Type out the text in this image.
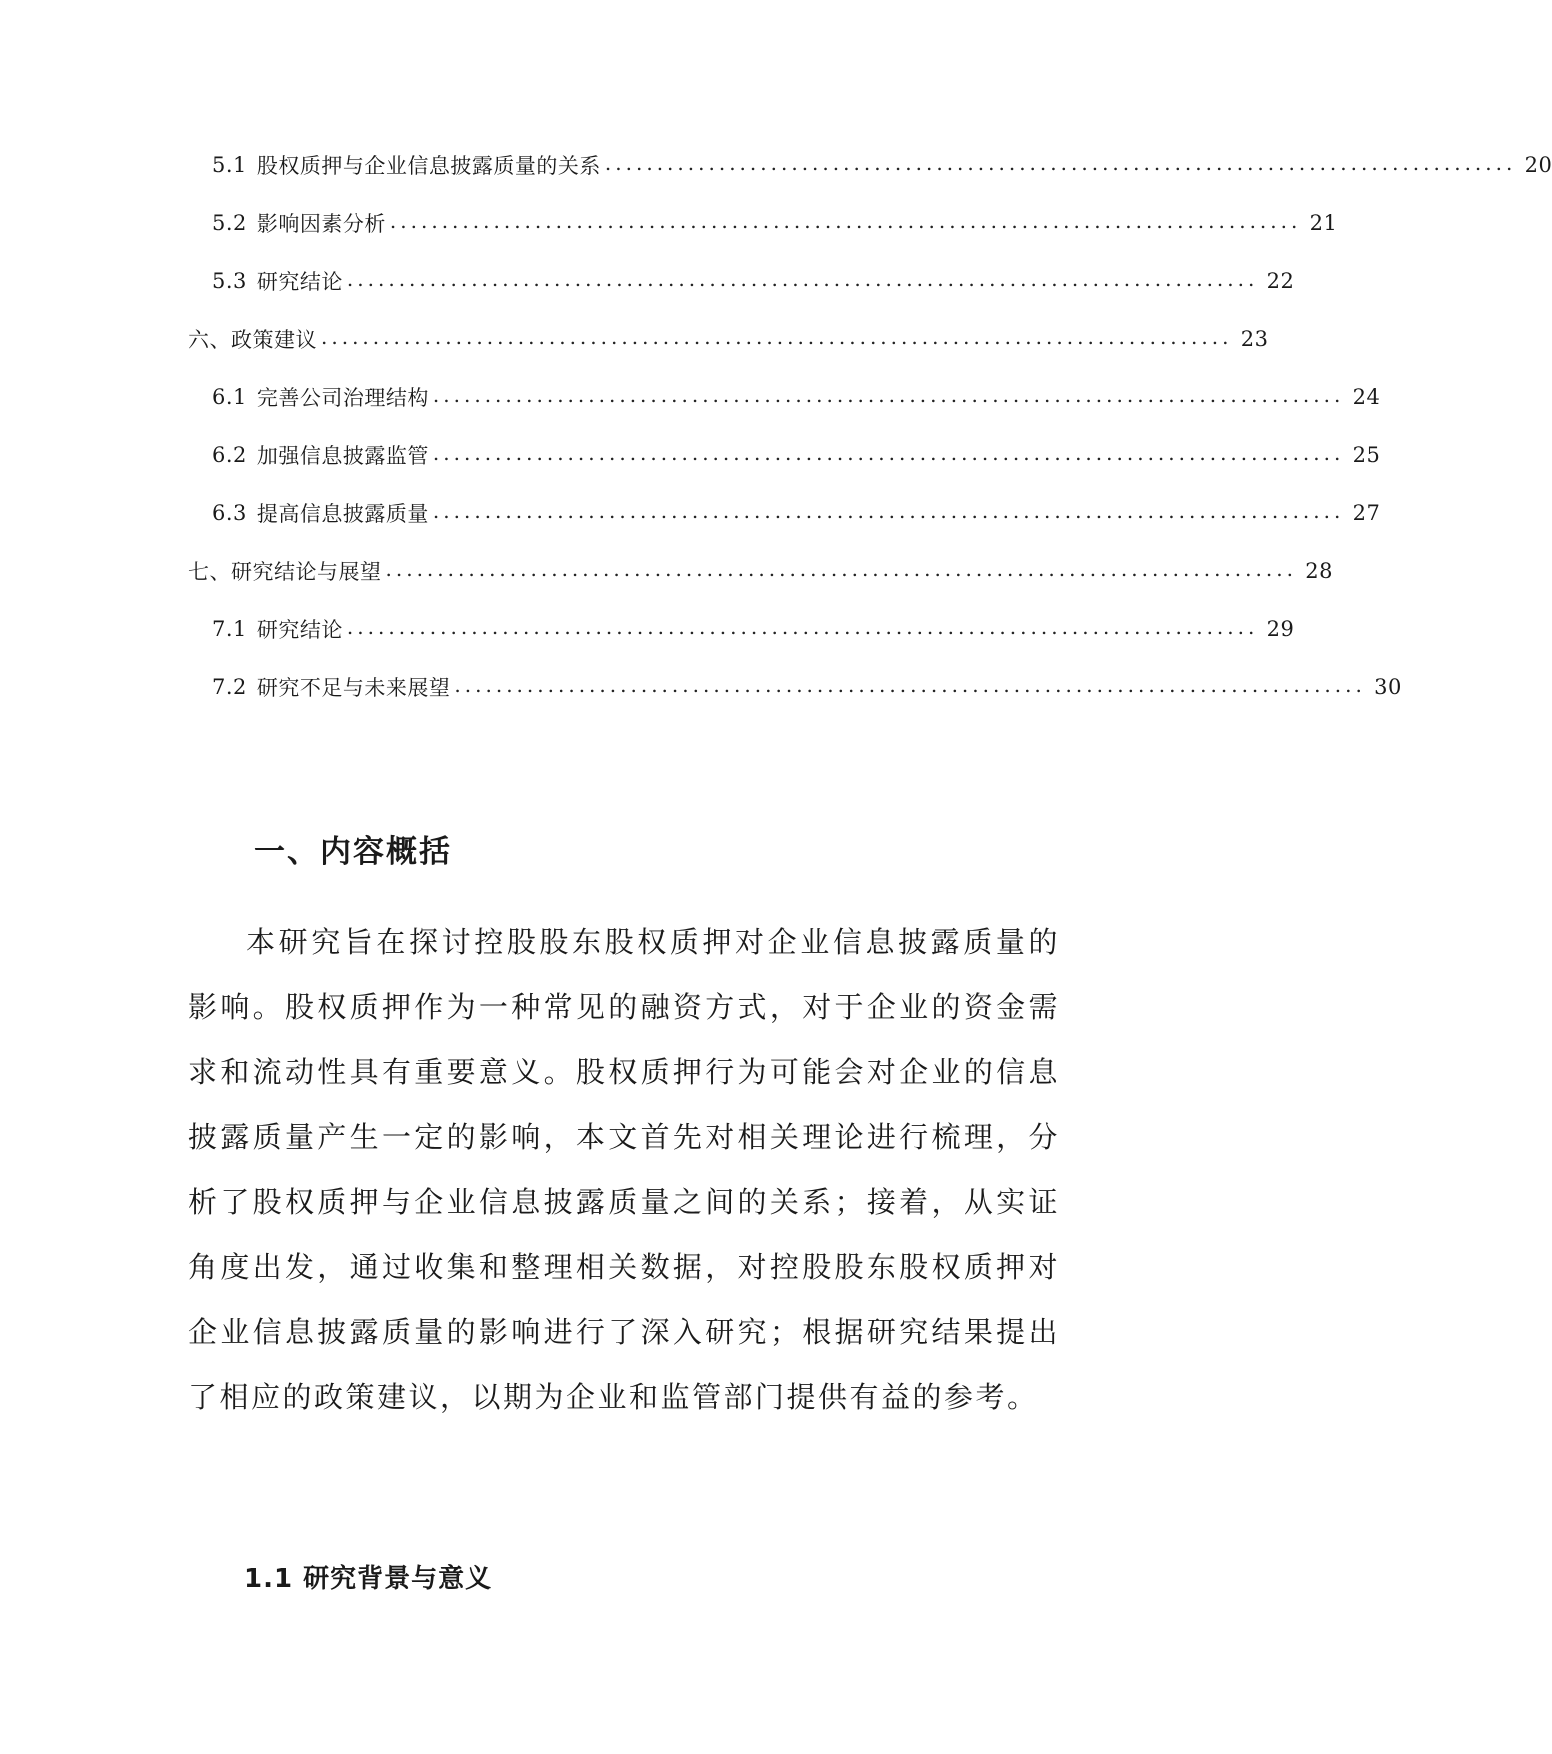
5.1 股权质押与企业信息披露质量的关系 ........................................................................................ 20
5.2 影响因素分析 ........................................................................................ 21
5.3 研究结论 ........................................................................................ 22
六、政策建议 ........................................................................................ 23
6.1 完善公司治理结构 ........................................................................................ 24
6.2 加强信息披露监管 ........................................................................................ 25
6.3 提高信息披露质量 ........................................................................................ 27
七、研究结论与展望 ........................................................................................ 28
7.1 研究结论 ........................................................................................ 29
7.2 研究不足与未来展望 ........................................................................................ 30
一、内容概括

本研究旨在探讨控股股东股权质押对企业信息披露质量的影响。股权质押作为一种常见的融资方式，对于企业的资金需求和流动性具有重要意义。股权质押行为可能会对企业的信息披露质量产生一定的影响，本文首先对相关理论进行梳理，分析了股权质押与企业信息披露质量之间的关系；接着，从实证角度出发，通过收集和整理相关数据，对控股股东股权质押对企业信息披露质量的影响进行了深入研究；根据研究结果提出了相应的政策建议，以期为企业和监管部门提供有益的参考。

1.1 研究背景与意义
